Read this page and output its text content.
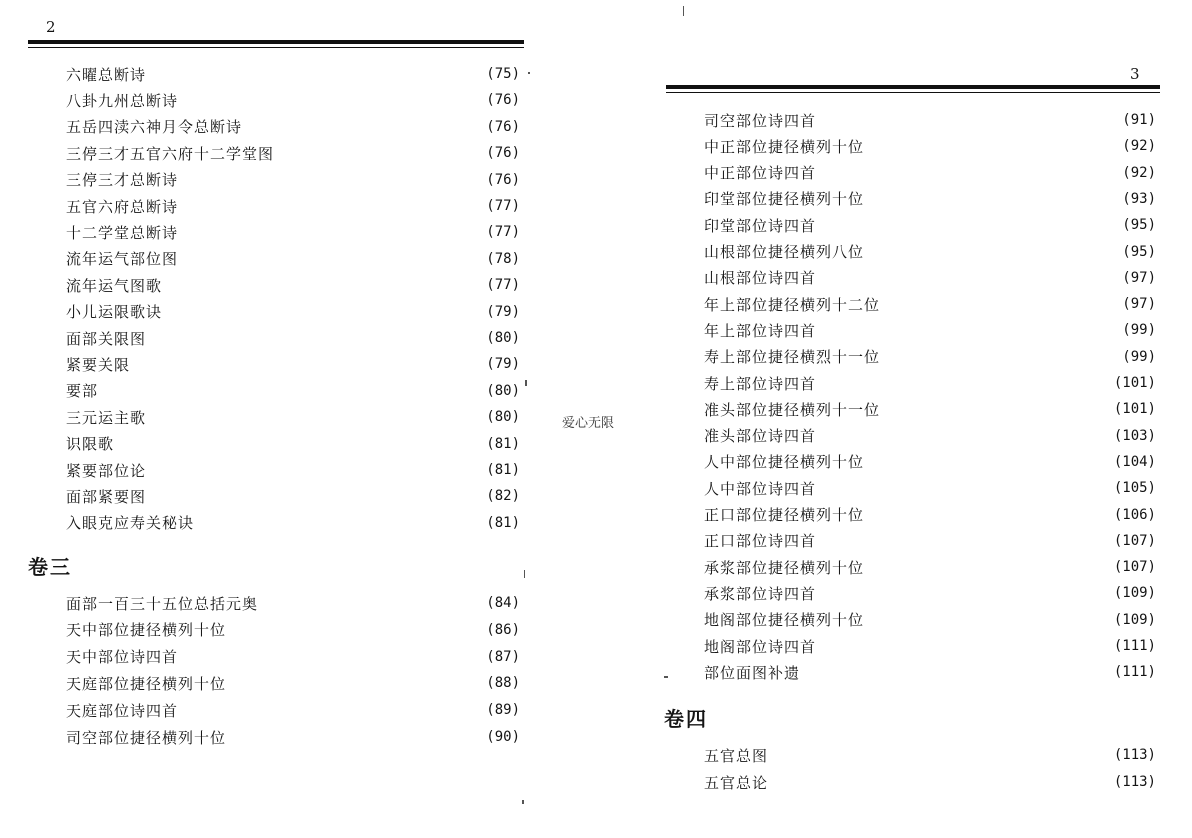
2
六曜总断诗	(75)
八卦九州总断诗	(76)
五岳四渎六神月令总断诗	(76)
三停三才五官六府十二学堂图	(76)
三停三才总断诗	(76)
五官六府总断诗	(77)
十二学堂总断诗	(77)
流年运气部位图	(78)
流年运气图歌	(77)
小儿运限歌诀	(79)
面部关限图	(80)
紧要关限	(79)
要部	(80)
三元运主歌	(80)
识限歌	(81)
紧要部位论	(81)
面部紧要图	(82)
入眼克应寿关秘诀	(81)
卷三
面部一百三十五位总括元奥	(84)
天中部位捷径横列十位	(86)
天中部位诗四首	(87)
天庭部位捷径横列十位	(88)
天庭部位诗四首	(89)
司空部位捷径横列十位	(90)
爱心无限
3
司空部位诗四首	(91)
中正部位捷径横列十位	(92)
中正部位诗四首	(92)
印堂部位捷径横列十位	(93)
印堂部位诗四首	(95)
山根部位捷径横列八位	(95)
山根部位诗四首	(97)
年上部位捷径横列十二位	(97)
年上部位诗四首	(99)
寿上部位捷径横烈十一位	(99)
寿上部位诗四首	(101)
准头部位捷径横列十一位	(101)
准头部位诗四首	(103)
人中部位捷径横列十位	(104)
人中部位诗四首	(105)
正口部位捷径横列十位	(106)
正口部位诗四首	(107)
承浆部位捷径横列十位	(107)
承浆部位诗四首	(109)
地阁部位捷径横列十位	(109)
地阁部位诗四首	(111)
部位面图补遗	(111)
卷四
五官总图	(113)
五官总论	(113)
